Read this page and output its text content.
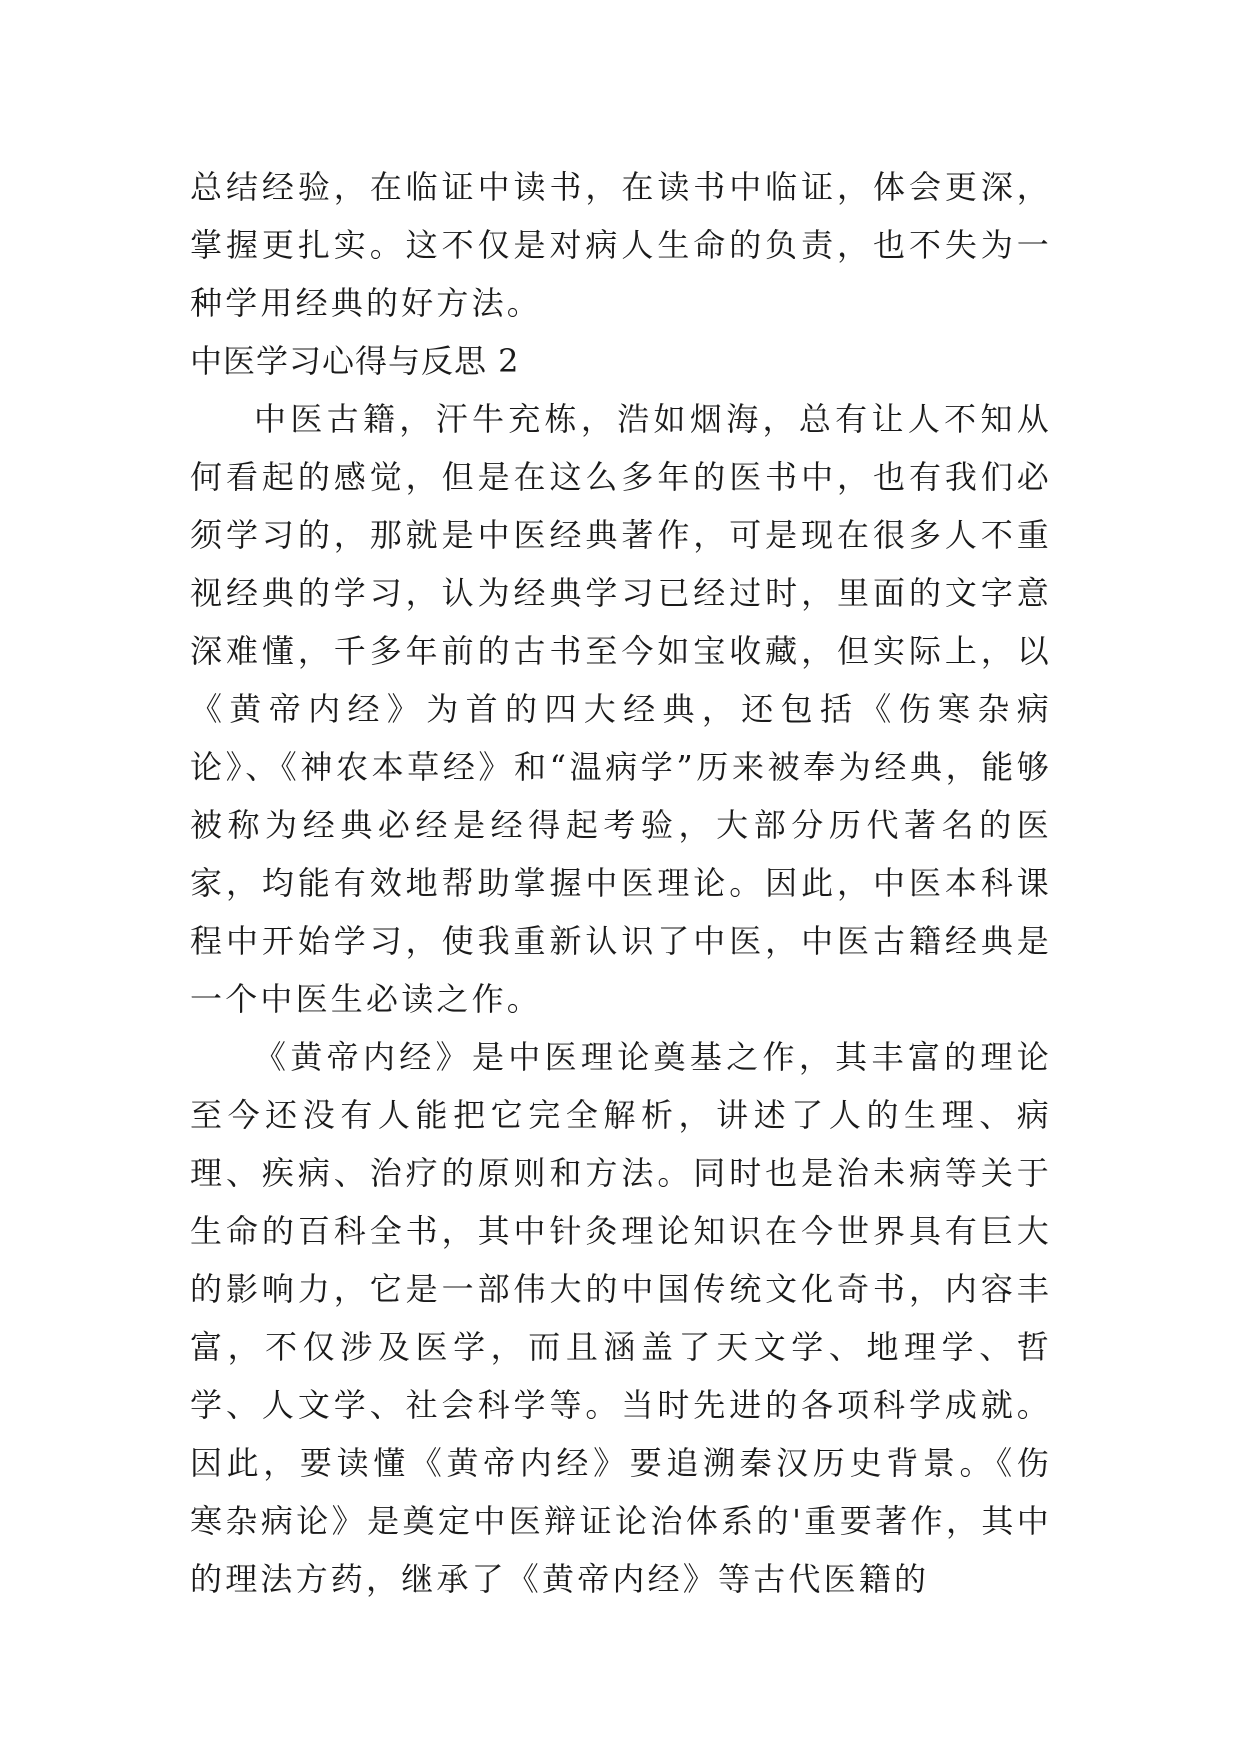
总结经验，在临证中读书，在读书中临证，体会更深，掌握更扎实。这不仅是对病人生命的负责，也不失为一种学用经典的好方法。

中医学习心得与反思 2

中医古籍，汗牛充栋，浩如烟海，总有让人不知从何看起的感觉，但是在这么多年的医书中，也有我们必须学习的，那就是中医经典著作，可是现在很多人不重视经典的学习，认为经典学习已经过时，里面的文字意深难懂，千多年前的古书至今如宝收藏，但实际上，以《黄帝内经》为首的四大经典，还包括《伤寒杂病论》、《神农本草经》和“温病学”历来被奉为经典，能够被称为经典必经是经得起考验，大部分历代著名的医家，均能有效地帮助掌握中医理论。因此，中医本科课程中开始学习，使我重新认识了中医，中医古籍经典是一个中医生必读之作。

《黄帝内经》是中医理论奠基之作，其丰富的理论至今还没有人能把它完全解析，讲述了人的生理、病理、疾病、治疗的原则和方法。同时也是治未病等关于生命的百科全书，其中针灸理论知识在今世界具有巨大的影响力，它是一部伟大的中国传统文化奇书，内容丰富，不仅涉及医学，而且涵盖了天文学、地理学、哲学、人文学、社会科学等。当时先进的各项科学成就。因此，要读懂《黄帝内经》要追溯秦汉历史背景。《伤寒杂病论》是奠定中医辩证论治体系的'重要著作，其中的理法方药，继承了《黄帝内经》等古代医籍的
